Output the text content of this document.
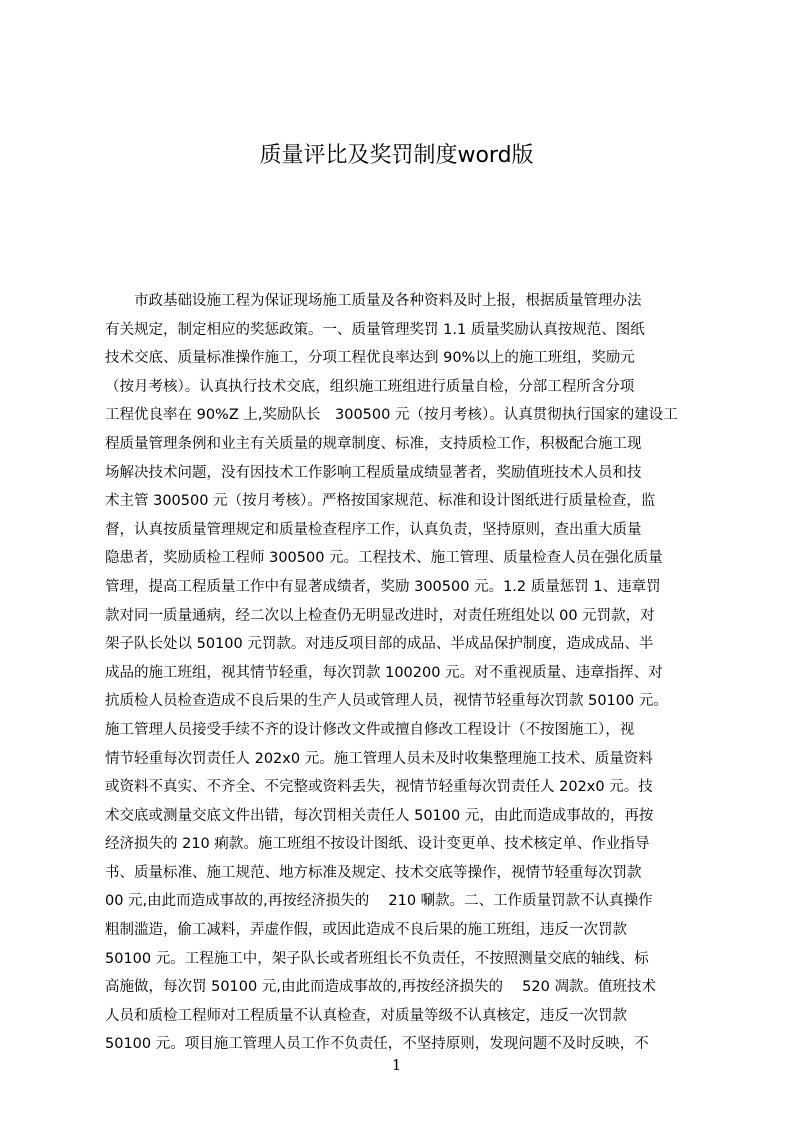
质量评比及奖罚制度word版
　　市政基础设施工程为保证现场施工质量及各种资料及时上报，根据质量管理办法
有关规定，制定相应的奖惩政策。一、质量管理奖罚 1.1 质量奖励认真按规范、图纸
技术交底、质量标准操作施工，分项工程优良率达到 90%以上的施工班组，奖励元
（按月考核）。认真执行技术交底，组织施工班组进行质量自检，分部工程所含分项
工程优良率在 90%Z 上,奖励队长　300500 元（按月考核）。认真贯彻执行国家的建设工
程质量管理条例和业主有关质量的规章制度、标准，支持质检工作，积极配合施工现
场解决技术问题，没有因技术工作影响工程质量成绩显著者，奖励值班技术人员和技
术主管 300500 元（按月考核）。严格按国家规范、标准和设计图纸进行质量检查，监
督，认真按质量管理规定和质量检查程序工作，认真负责，坚持原则，查出重大质量
隐患者，奖励质检工程师 300500 元。工程技术、施工管理、质量检查人员在强化质量
管理，提高工程质量工作中有显著成绩者，奖励 300500 元。1.2 质量惩罚 1、违章罚
款对同一质量通病，经二次以上检查仍无明显改进时，对责任班组处以 00 元罚款，对
架子队长处以 50100 元罚款。对违反项目部的成品、半成品保护制度，造成成品、半
成品的施工班组，视其情节轻重，每次罚款 100200 元。对不重视质量、违章指挥、对
抗质检人员检查造成不良后果的生产人员或管理人员，视情节轻重每次罚款 50100 元。
施工管理人员接受手续不齐的设计修改文件或擅自修改工程设计（不按图施工），视
情节轻重每次罚责任人 202x0 元。施工管理人员未及时收集整理施工技术、质量资料
或资料不真实、不齐全、不完整或资料丢失，视情节轻重每次罚责任人 202x0 元。技
术交底或测量交底文件出错，每次罚相关责任人 50100 元，由此而造成事故的，再按
经济损失的 210 痢款。施工班组不按设计图纸、设计变更单、技术核定单、作业指导
书、质量标准、施工规范、地方标准及规定、技术交底等操作，视情节轻重每次罚款
00 元,由此而造成事故的,再按经济损失的　 210 唰款。二、工作质量罚款不认真操作
粗制滥造，偷工减料，弄虚作假，或因此造成不良后果的施工班组，违反一次罚款
50100 元。工程施工中，架子队长或者班组长不负责任，不按照测量交底的轴线、标
高施做，每次罚 50100 元,由此而造成事故的,再按经济损失的　 520 凋款。值班技术
人员和质检工程师对工程质量不认真检查，对质量等级不认真核定，违反一次罚款
50100 元。项目施工管理人员工作不负责任，不坚持原则，发现问题不及时反映，不
1
